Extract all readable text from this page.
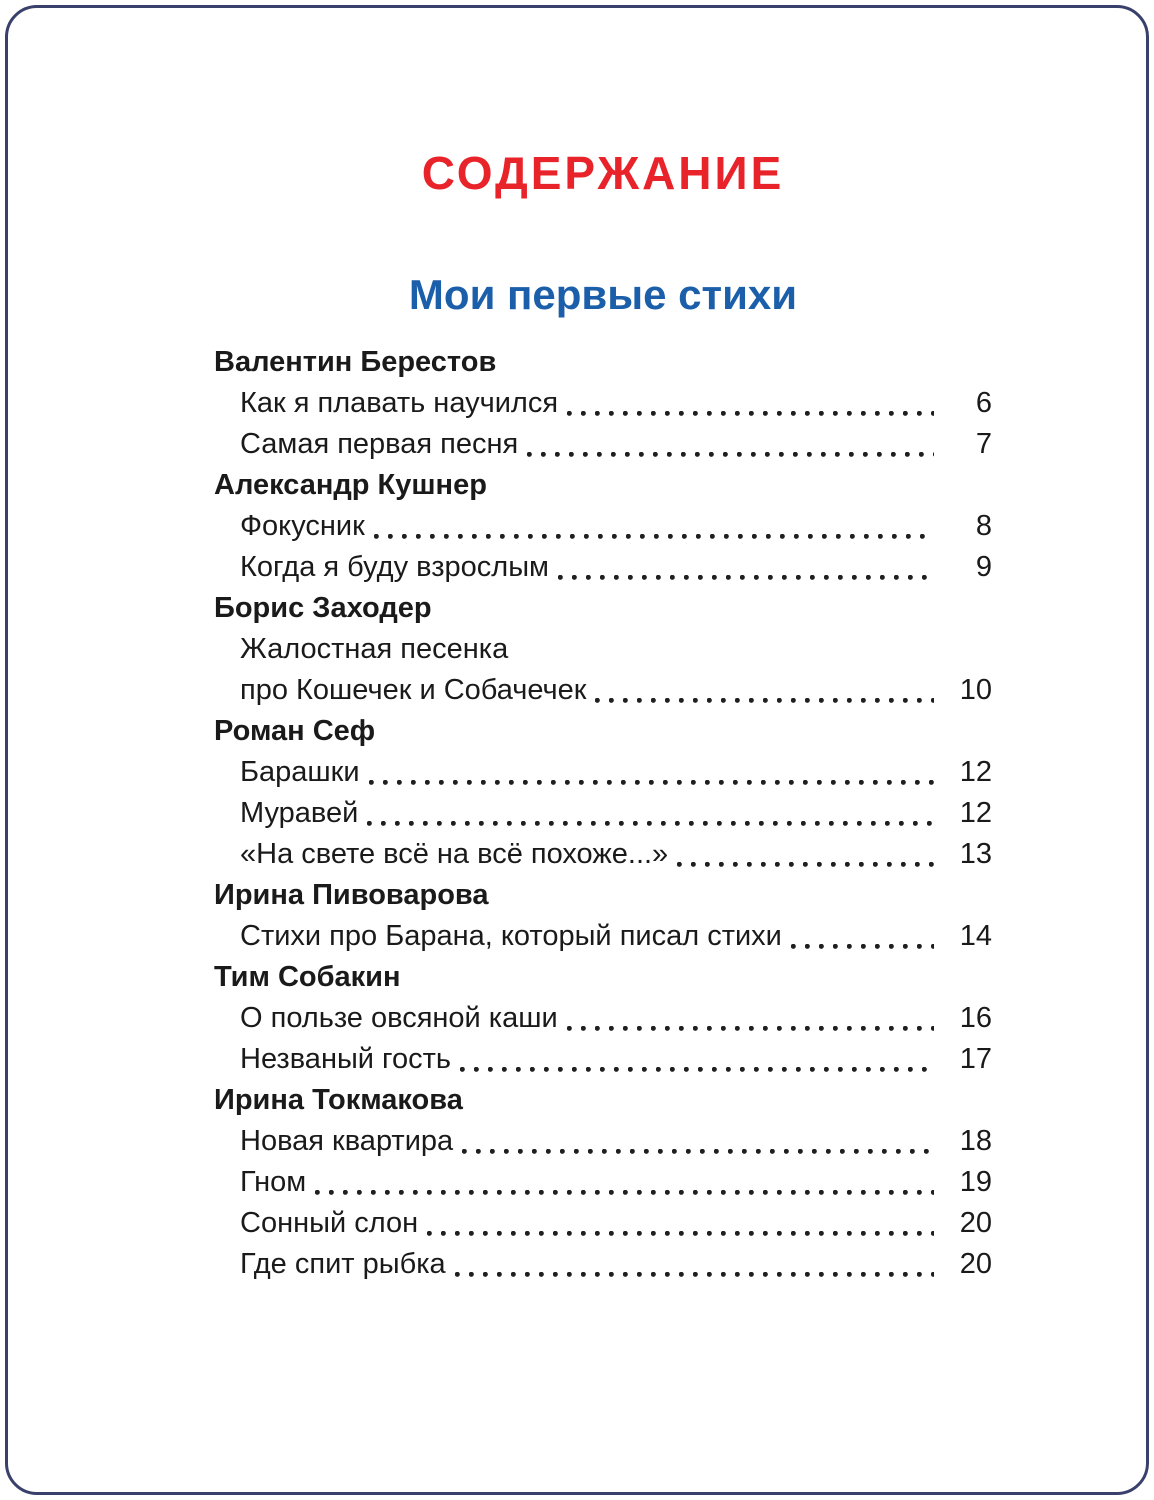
СОДЕРЖАНИЕ
Мои первые стихи
Валентин Берестов
Как я плавать научился	6
Самая первая песня	7
Александр Кушнер
Фокусник	8
Когда я буду взрослым	9
Борис Заходер
Жалостная песенка
про Кошечек и Собачечек	10
Роман Сеф
Барашки	12
Муравей	12
«На свете всё на всё похоже...»	13
Ирина Пивоварова
Стихи про Барана, который писал стихи	14
Тим Собакин
О пользе овсяной каши	16
Незваный гость	17
Ирина Токмакова
Новая квартира	18
Гном	19
Сонный слон	20
Где спит рыбка	20
